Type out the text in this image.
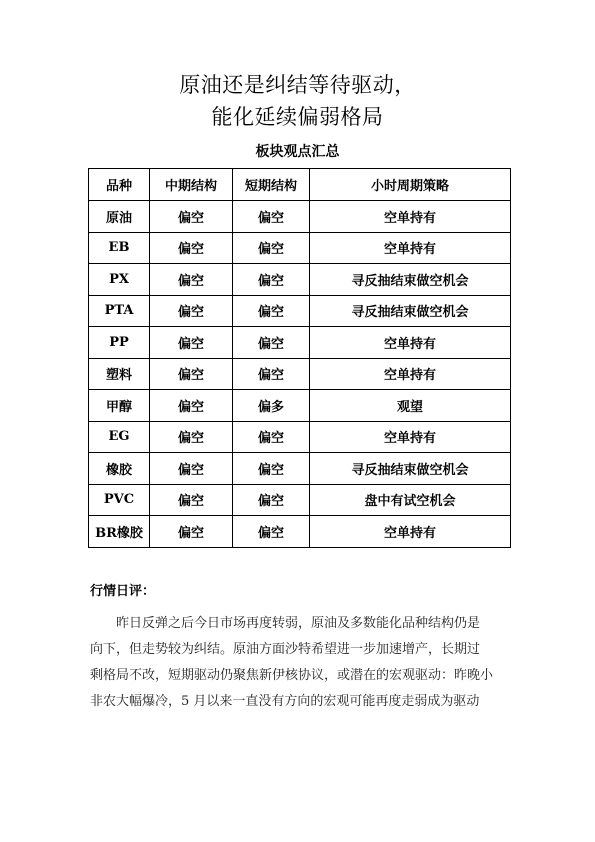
原油还是纠结等待驱动，
能化延续偏弱格局
板块观点汇总
品种	中期结构	短期结构	小时周期策略
原油	偏空	偏空	空单持有
EB	偏空	偏空	空单持有
PX	偏空	偏空	寻反抽结束做空机会
PTA	偏空	偏空	寻反抽结束做空机会
PP	偏空	偏空	空单持有
塑料	偏空	偏空	空单持有
甲醇	偏空	偏多	观望
EG	偏空	偏空	空单持有
橡胶	偏空	偏空	寻反抽结束做空机会
PVC	偏空	偏空	盘中有试空机会
BR橡胶	偏空	偏空	空单持有
行情日评：
　　昨日反弹之后今日市场再度转弱，原油及多数能化品种结构仍是
向下，但走势较为纠结。原油方面沙特希望进一步加速增产，长期过
剩格局不改，短期驱动仍聚焦新伊核协议，或潜在的宏观驱动：昨晚小
非农大幅爆冷，5 月以来一直没有方向的宏观可能再度走弱成为驱动
